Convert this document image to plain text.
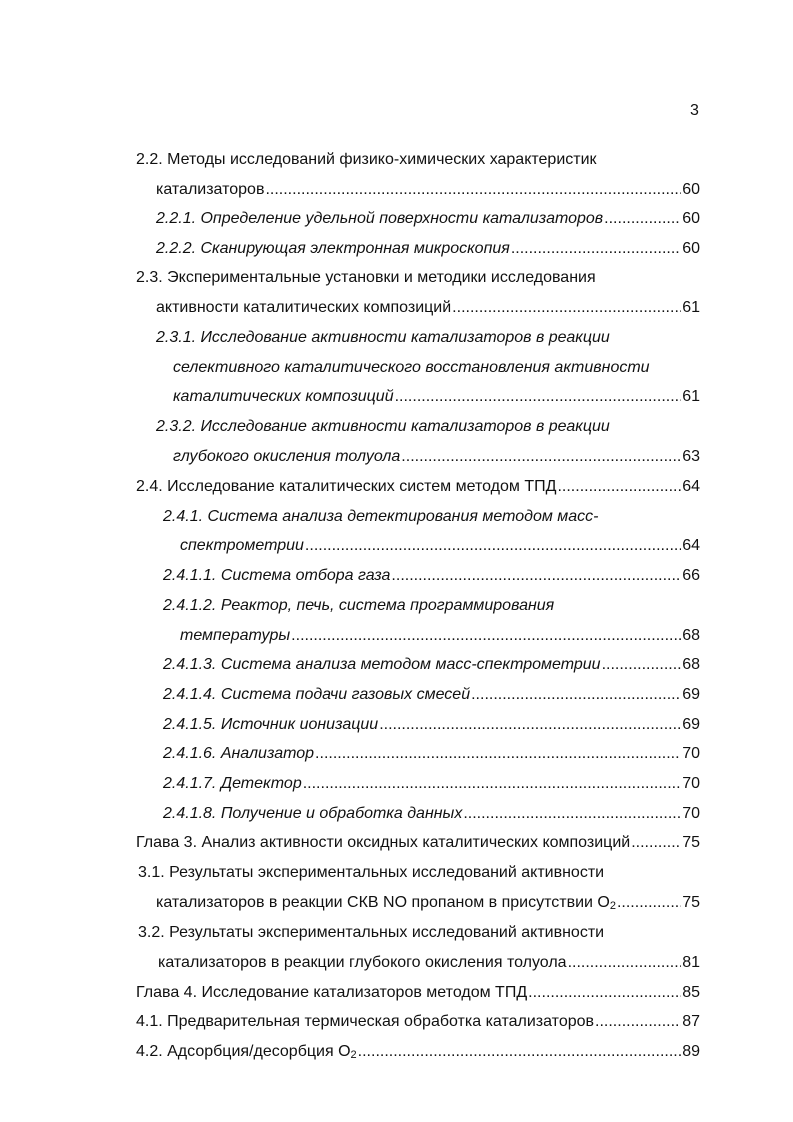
3
2.2. Методы исследований физико-химических характеристик
катализаторов .....	60
2.2.1. Определение удельной поверхности катализаторов .....	60
2.2.2. Сканирующая электронная микроскопия .....	60
2.3. Экспериментальные установки и методики исследования
активности каталитических композиций .....	61
2.3.1. Исследование активности катализаторов в реакции
селективного каталитического восстановления активности
каталитических композиций .....	61
2.3.2. Исследование активности катализаторов в реакции
глубокого окисления толуола .....	63
2.4. Исследование каталитических систем методом ТПД .....	64
2.4.1. Система анализа детектирования методом масс-
спектрометрии .....	64
2.4.1.1. Система отбора газа .....	66
2.4.1.2. Реактор, печь, система программирования
температуры .....	68
2.4.1.3. Система анализа методом масс-спектрометрии .....	68
2.4.1.4. Система подачи газовых смесей .....	69
2.4.1.5. Источник ионизации .....	69
2.4.1.6. Анализатор .....	70
2.4.1.7. Детектор .....	70
2.4.1.8. Получение и обработка данных .....	70
Глава 3. Анализ активности оксидных каталитических композиций .....	75
3.1. Результаты экспериментальных исследований активности
катализаторов в реакции СКВ NO пропаном в присутствии $O_2$ .....	75
3.2. Результаты экспериментальных исследований активности
катализаторов в реакции глубокого окисления толуола .....	81
Глава 4. Исследование катализаторов методом ТПД .....	85
4.1. Предварительная термическая обработка катализаторов .....	87
4.2. Адсорбция/десорбция $O_2$ .....	89
